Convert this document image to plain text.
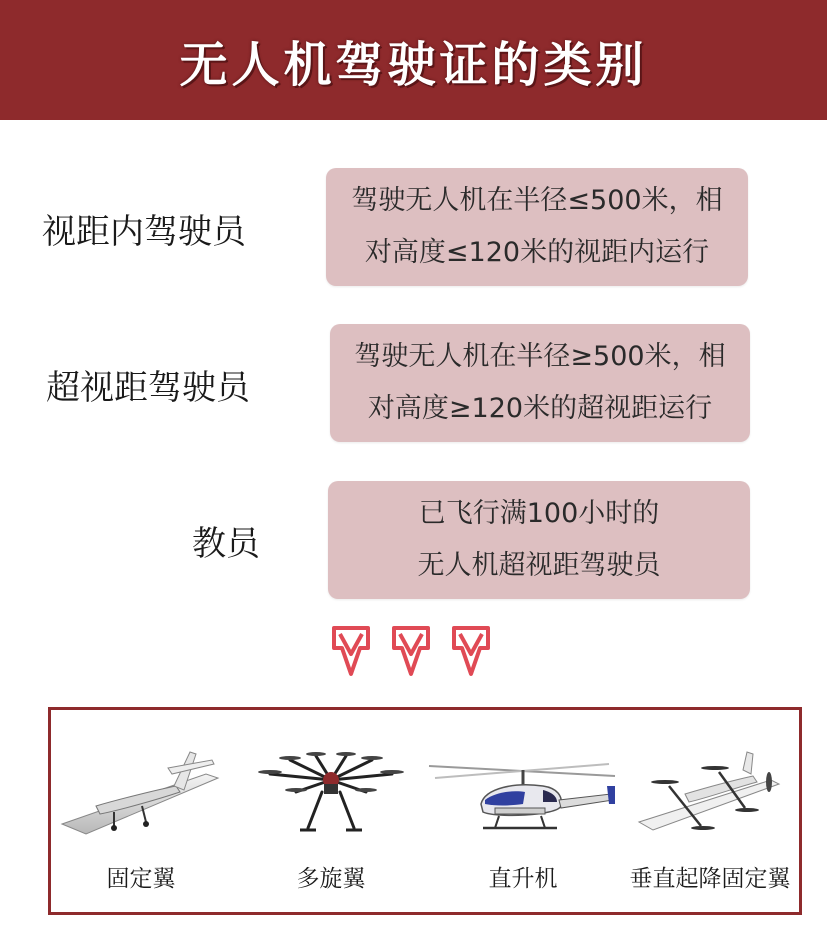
无人机驾驶证的类别
视距内驾驶员
驾驶无人机在半径≤500米，相
对高度≤120米的视距内运行
超视距驾驶员
驾驶无人机在半径≥500米，相
对高度≥120米的超视距运行
教员
已飞行满100小时的
无人机超视距驾驶员
固定翼	多旋翼	直升机	垂直起降固定翼
